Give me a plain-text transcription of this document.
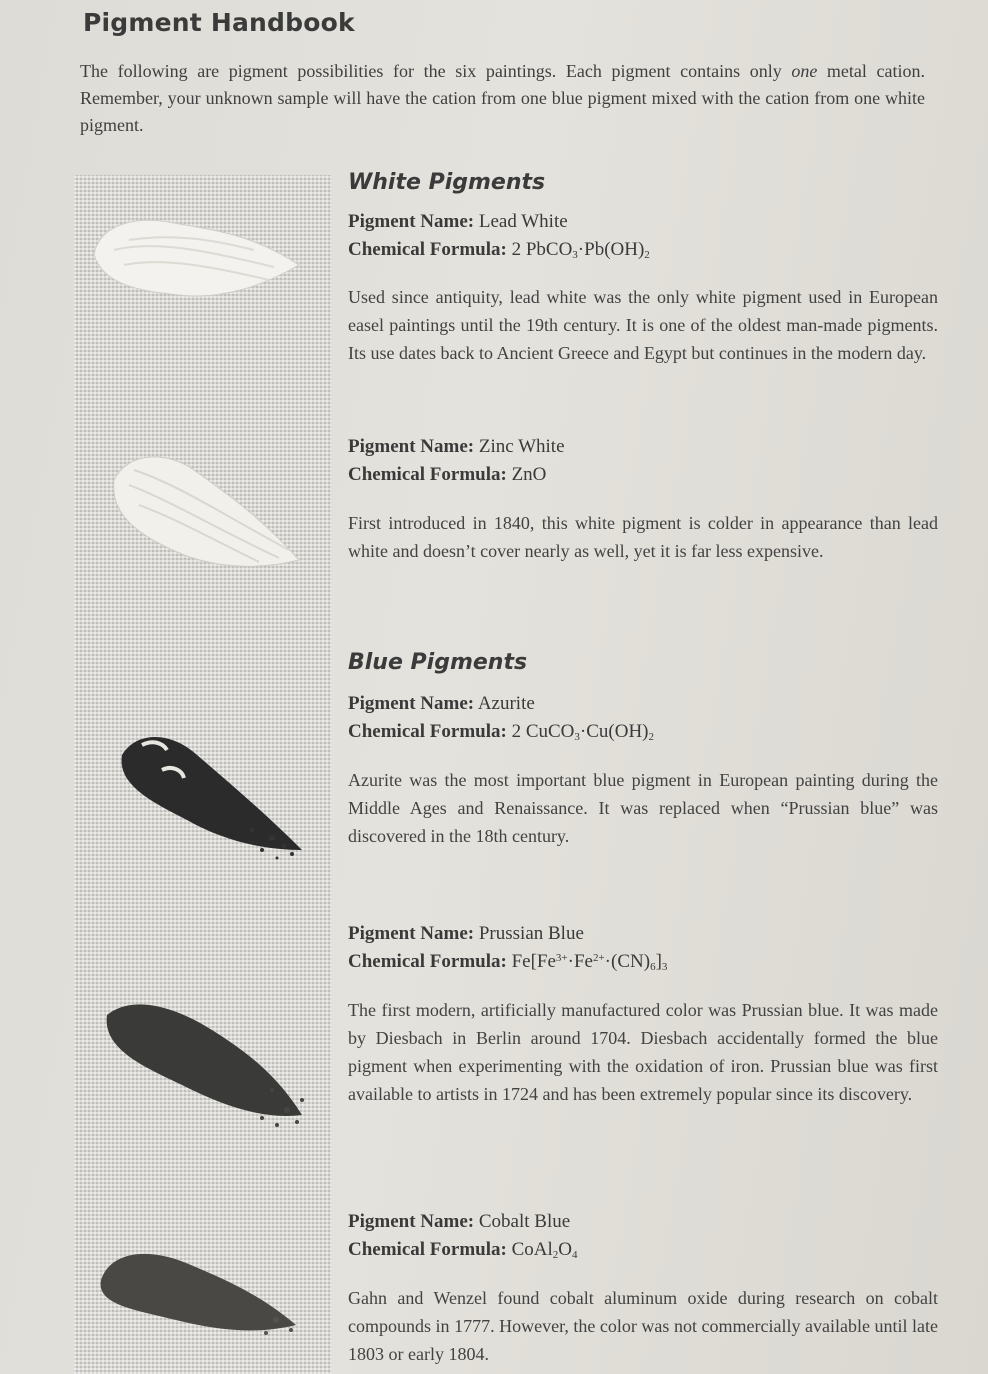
Pigment Handbook

The following are pigment possibilities for the six paintings. Each pigment contains only one metal cation. Remember, your unknown sample will have the cation from one blue pigment mixed with the cation from one white pigment.

White Pigments
Pigment Name: Lead White
Chemical Formula: 2 $PbCO_3\cdot Pb(OH)_2$

Used since antiquity, lead white was the only white pigment used in European easel paintings until the 19th century. It is one of the oldest man-made pigments. Its use dates back to Ancient Greece and Egypt but continues in the modern day.

Pigment Name: Zinc White
Chemical Formula: ZnO

First introduced in 1840, this white pigment is colder in appearance than lead white and doesn’t cover nearly as well, yet it is far less expensive.

Blue Pigments
Pigment Name: Azurite
Chemical Formula: 2 $CuCO_3\cdot Cu(OH)_2$

Azurite was the most important blue pigment in European painting during the Middle Ages and Renaissance. It was replaced when “Prussian blue” was discovered in the 18th century.

Pigment Name: Prussian Blue
Chemical Formula: $Fe[Fe^{3+}\cdot Fe^{2+}\cdot(CN)_6]_3$

The first modern, artificially manufactured color was Prussian blue. It was made by Diesbach in Berlin around 1704. Diesbach accidentally formed the blue pigment when experimenting with the oxidation of iron. Prussian blue was first available to artists in 1724 and has been extremely popular since its discovery.

Pigment Name: Cobalt Blue
Chemical Formula: $CoAl_2O_4$

Gahn and Wenzel found cobalt aluminum oxide during research on cobalt compounds in 1777. However, the color was not commercially available until late 1803 or early 1804.
